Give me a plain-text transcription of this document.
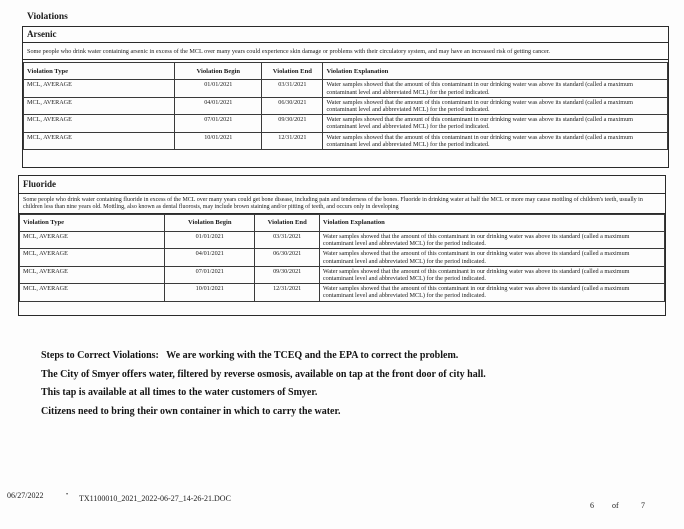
Violations
Arsenic
Some people who drink water containing arsenic in excess of the MCL over many years could experience skin damage or problems with their circulatory system, and may have an increased risk of getting cancer.
Violation Type	Violation Begin	Violation End	Violation Explanation
MCL, AVERAGE	01/01/2021	03/31/2021	Water samples showed that the amount of this contaminant in our drinking water was above its standard (called a maximum contaminant level and abbreviated MCL) for the period indicated.
MCL, AVERAGE	04/01/2021	06/30/2021	Water samples showed that the amount of this contaminant in our drinking water was above its standard (called a maximum contaminant level and abbreviated MCL) for the period indicated.
MCL, AVERAGE	07/01/2021	09/30/2021	Water samples showed that the amount of this contaminant in our drinking water was above its standard (called a maximum contaminant level and abbreviated MCL) for the period indicated.
MCL, AVERAGE	10/01/2021	12/31/2021	Water samples showed that the amount of this contaminant in our drinking water was above its standard (called a maximum contaminant level and abbreviated MCL) for the period indicated.
Fluoride
Some people who drink water containing fluoride in excess of the MCL over many years could get bone disease, including pain and tenderness of the bones. Fluoride in drinking water at half the MCL or more may cause mottling of children's teeth, usually in children less than nine years old. Mottling, also known as dental fluorosis, may include brown staining and/or pitting of teeth, and occurs only in developing
Violation Type	Violation Begin	Violation End	Violation Explanation
MCL, AVERAGE	01/01/2021	03/31/2021	Water samples showed that the amount of this contaminant in our drinking water was above its standard (called a maximum contaminant level and abbreviated MCL) for the period indicated.
MCL, AVERAGE	04/01/2021	06/30/2021	Water samples showed that the amount of this contaminant in our drinking water was above its standard (called a maximum contaminant level and abbreviated MCL) for the period indicated.
MCL, AVERAGE	07/01/2021	09/30/2021	Water samples showed that the amount of this contaminant in our drinking water was above its standard (called a maximum contaminant level and abbreviated MCL) for the period indicated.
MCL, AVERAGE	10/01/2021	12/31/2021	Water samples showed that the amount of this contaminant in our drinking water was above its standard (called a maximum contaminant level and abbreviated MCL) for the period indicated.
Steps to Correct Violations:   We are working with the TCEQ and the EPA to correct the problem.
The City of Smyer offers water, filtered by reverse osmosis, available on tap at the front door of city hall.
This tap is available at all times to the water customers of Smyer.
Citizens need to bring their own container in which to carry the water.
06/27/2022	• TX1100010_2021_2022-06-27_14-26-21.DOC
6 of	7
